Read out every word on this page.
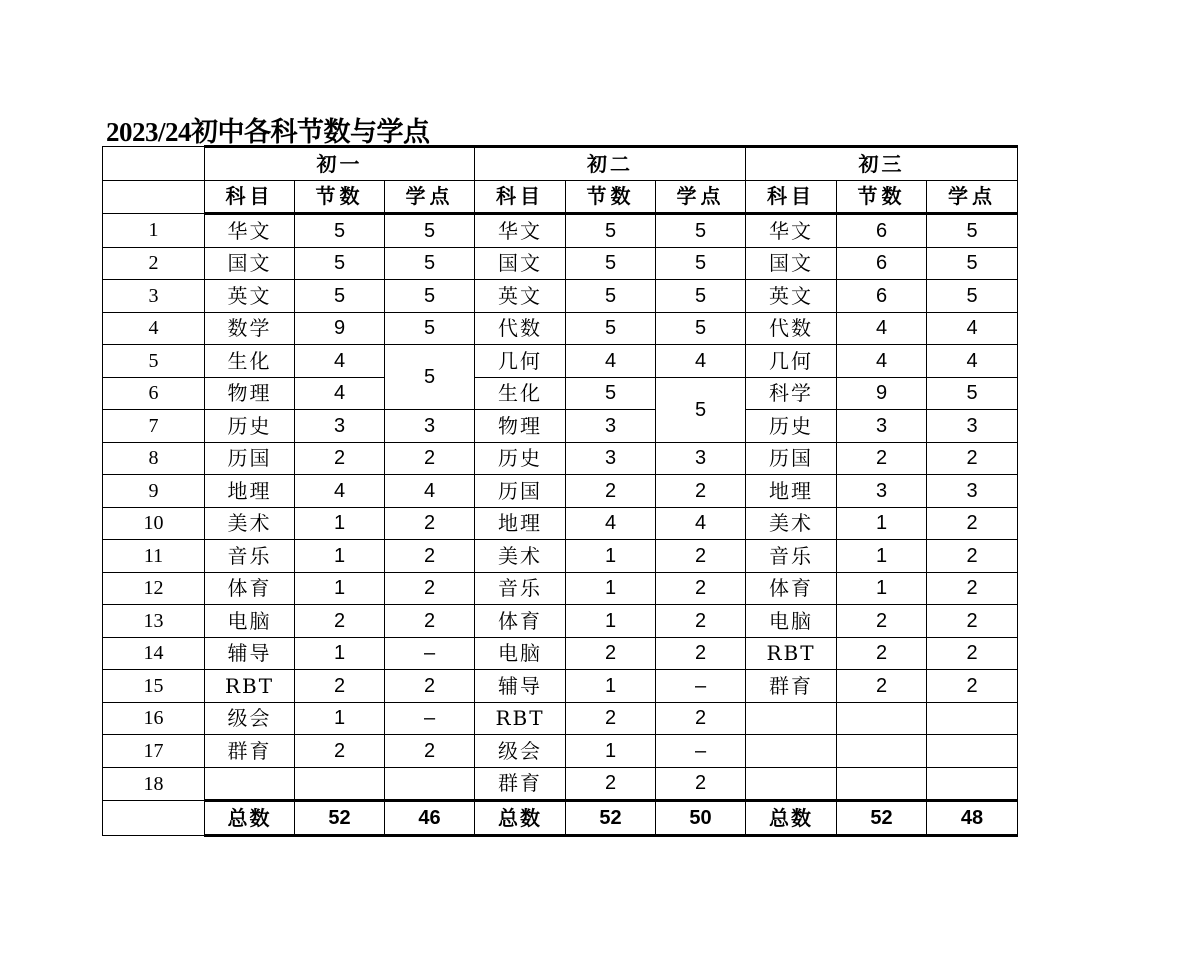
2023/24初中各科节数与学点
	初一			初二			初三		
	科目	节数	学点	科目	节数	学点	科目	节数	学点
1	华文	5	5	华文	5	5	华文	6	5
2	国文	5	5	国文	5	5	国文	6	5
3	英文	5	5	英文	5	5	英文	6	5
4	数学	9	5	代数	5	5	代数	4	4
5	生化	4	5	几何	4	4	几何	4	4
6	物理	4		生化	5	5	科学	9	5
7	历史	3	3	物理	3		历史	3	3
8	历国	2	2	历史	3	3	历国	2	2
9	地理	4	4	历国	2	2	地理	3	3
10	美术	1	2	地理	4	4	美术	1	2
11	音乐	1	2	美术	1	2	音乐	1	2
12	体育	1	2	音乐	1	2	体育	1	2
13	电脑	2	2	体育	1	2	电脑	2	2
14	辅导	1	–	电脑	2	2	RBT	2	2
15	RBT	2	2	辅导	1	–	群育	2	2
16	级会	1	–	RBT	2	2			
17	群育	2	2	级会	1	–			
18				群育	2	2			
	总数	52	46	总数	52	50	总数	52	48
